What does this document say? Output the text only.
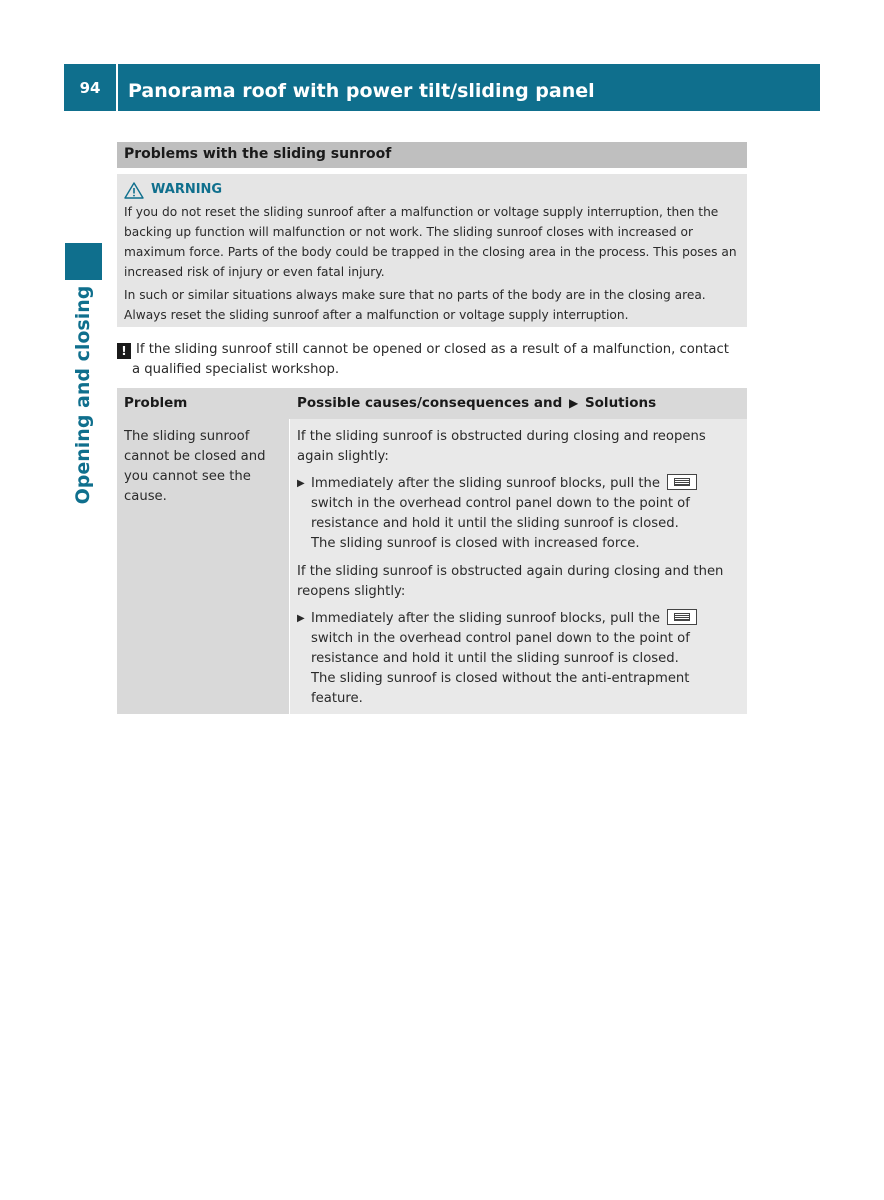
94	Panorama roof with power tilt/sliding panel
Opening and closing
Problems with the sliding sunroof
WARNING

If you do not reset the sliding sunroof after a malfunction or voltage supply interruption, then the backing up function will malfunction or not work. The sliding sunroof closes with increased or maximum force. Parts of the body could be trapped in the closing area in the process. This poses an increased risk of injury or even fatal injury.

In such or similar situations always make sure that no parts of the body are in the closing area. Always reset the sliding sunroof after a malfunction or voltage supply interruption.

! If the sliding sunroof still cannot be opened or closed as a result of a malfunction, contact
a qualified specialist workshop.
Problem	Possible causes/consequences and ▶ Solutions
The sliding sunroof cannot be closed and you cannot see the cause.

If the sliding sunroof is obstructed during closing and reopens again slightly:

▶ Immediately after the sliding sunroof blocks, pull the  switch in the overhead control panel down to the point of resistance and hold it until the sliding sunroof is closed.
The sliding sunroof is closed with increased force.

If the sliding sunroof is obstructed again during closing and then reopens slightly:

▶ Immediately after the sliding sunroof blocks, pull the  switch in the overhead control panel down to the point of resistance and hold it until the sliding sunroof is closed.
The sliding sunroof is closed without the anti-entrapment feature.
